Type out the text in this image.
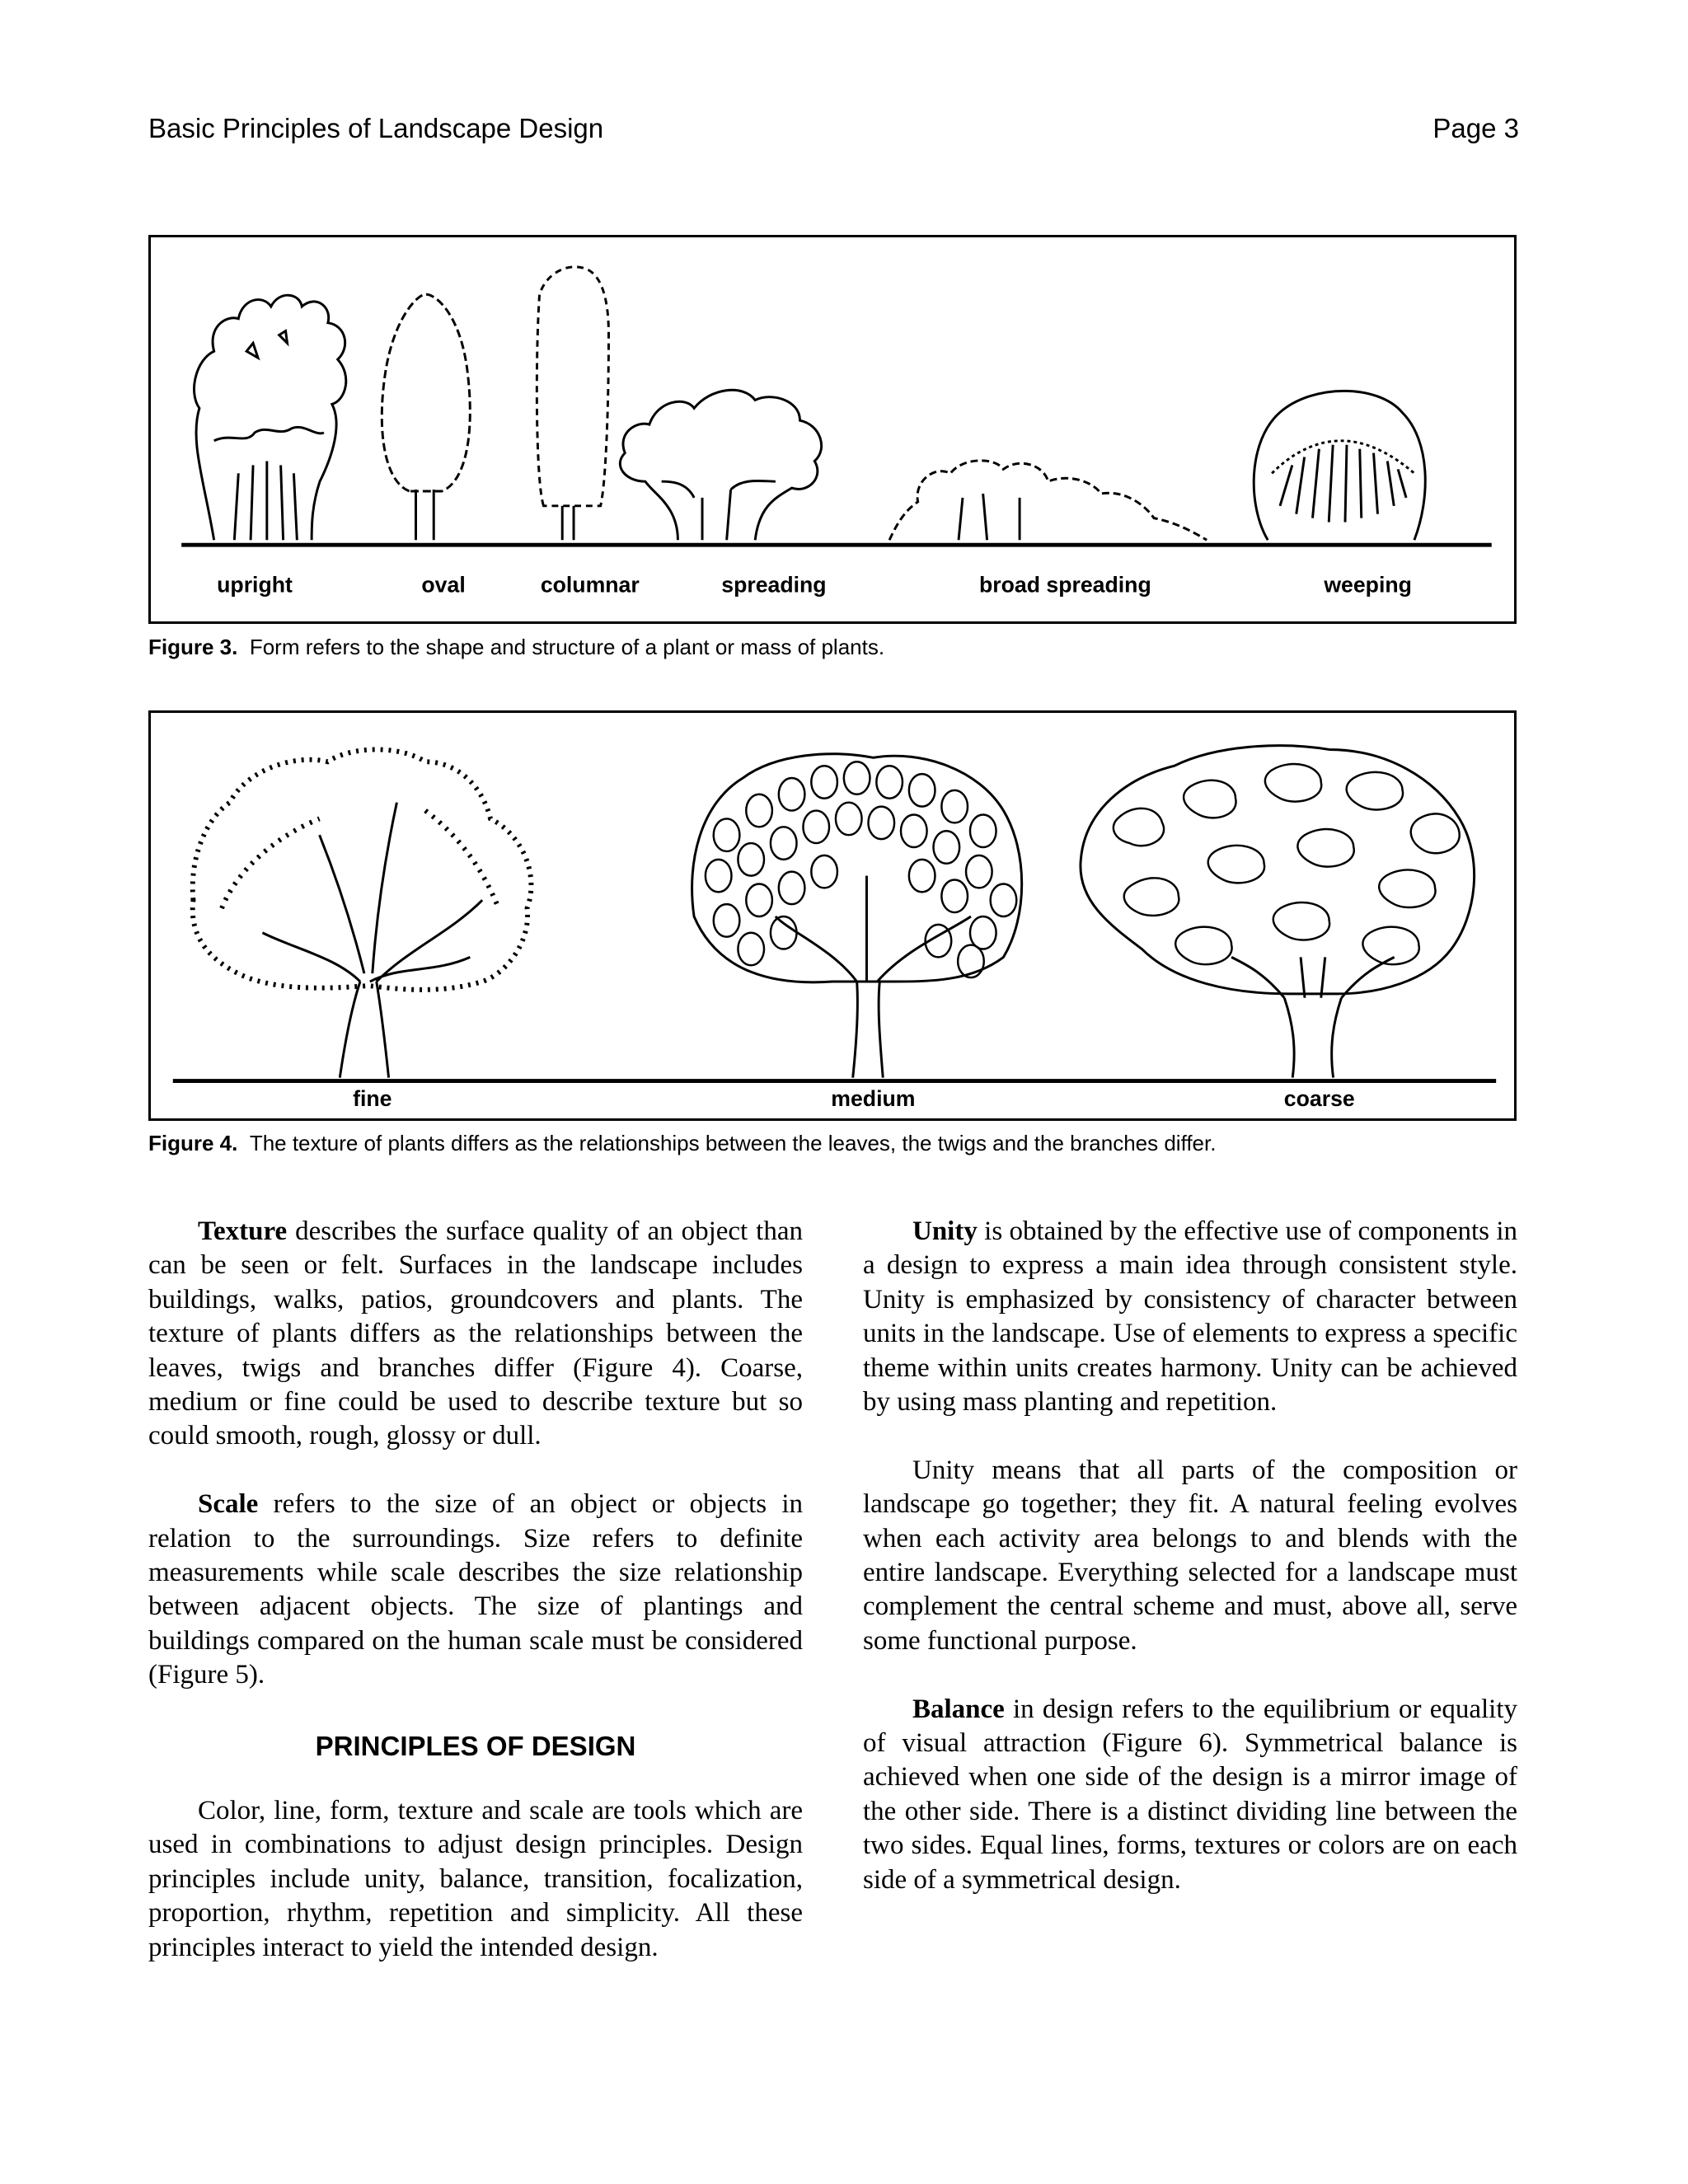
Basic Principles of Landscape Design	Page 3
upright	oval	columnar	spreading	broad spreading	weeping
Figure 3. Form refers to the shape and structure of a plant or mass of plants.
fine	medium	coarse
Figure 4. The texture of plants differs as the relationships between the leaves, the twigs and the branches differ.

Texture describes the surface quality of an object than can be seen or felt. Surfaces in the landscape includes buildings, walks, patios, groundcovers and plants. The texture of plants differs as the relationships between the leaves, twigs and branches differ (Figure 4). Coarse, medium or fine could be used to describe texture but so could smooth, rough, glossy or dull.

Scale refers to the size of an object or objects in relation to the surroundings. Size refers to definite measurements while scale describes the size relationship between adjacent objects. The size of plantings and buildings compared on the human scale must be considered (Figure 5).

PRINCIPLES OF DESIGN

Color, line, form, texture and scale are tools which are used in combinations to adjust design principles. Design principles include unity, balance, transition, focalization, proportion, rhythm, repetition and simplicity. All these principles interact to yield the intended design.

Unity is obtained by the effective use of components in a design to express a main idea through consistent style. Unity is emphasized by consistency of character between units in the landscape. Use of elements to express a specific theme within units creates harmony. Unity can be achieved by using mass planting and repetition.

Unity means that all parts of the composition or landscape go together; they fit. A natural feeling evolves when each activity area belongs to and blends with the entire landscape. Everything selected for a landscape must complement the central scheme and must, above all, serve some functional purpose.

Balance in design refers to the equilibrium or equality of visual attraction (Figure 6). Symmetrical balance is achieved when one side of the design is a mirror image of the other side. There is a distinct dividing line between the two sides. Equal lines, forms, textures or colors are on each side of a symmetrical design.
